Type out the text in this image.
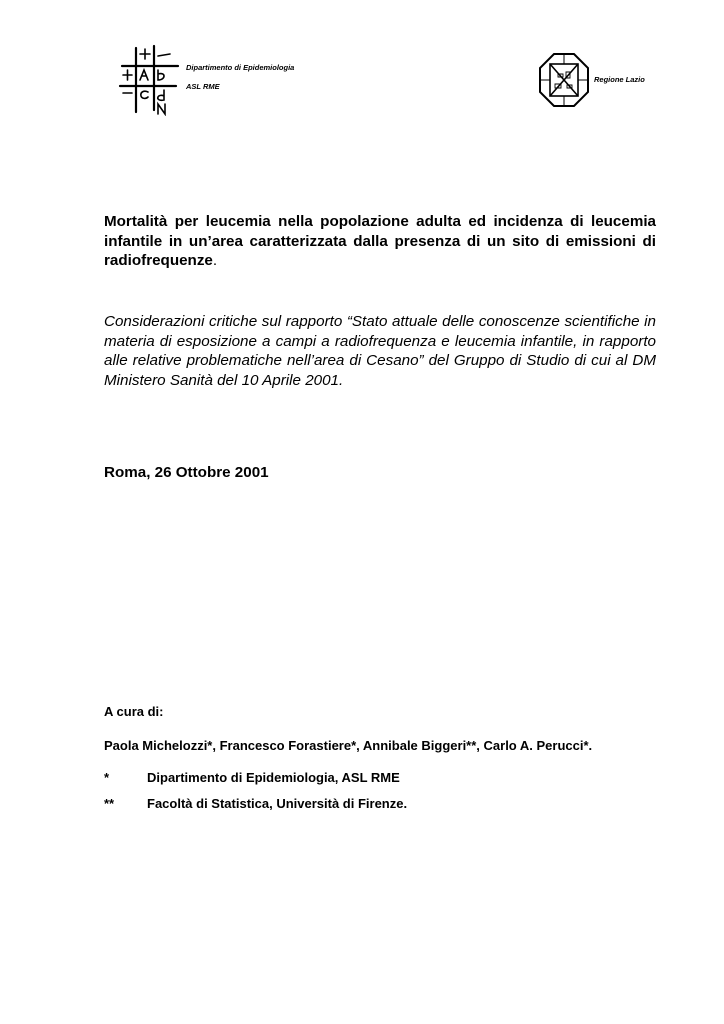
Dipartimento di Epidemiologia
ASL RME
Regione Lazio
Mortalità per leucemia nella popolazione adulta ed incidenza di leucemia infantile in un’area caratterizzata dalla presenza di un sito di emissioni di radiofrequenze.
Considerazioni critiche sul rapporto “Stato attuale delle conoscenze scientifiche in materia di esposizione a campi a radiofrequenza e leucemia infantile, in rapporto alle relative problematiche nell’area di Cesano” del Gruppo di Studio di cui al DM Ministero Sanità del 10 Aprile 2001.
Roma, 26 Ottobre 2001
A cura di:
Paola Michelozzi*, Francesco Forastiere*, Annibale Biggeri**, Carlo A. Perucci*.
*	Dipartimento di Epidemiologia, ASL RME
**	Facoltà di Statistica, Università di Firenze.
